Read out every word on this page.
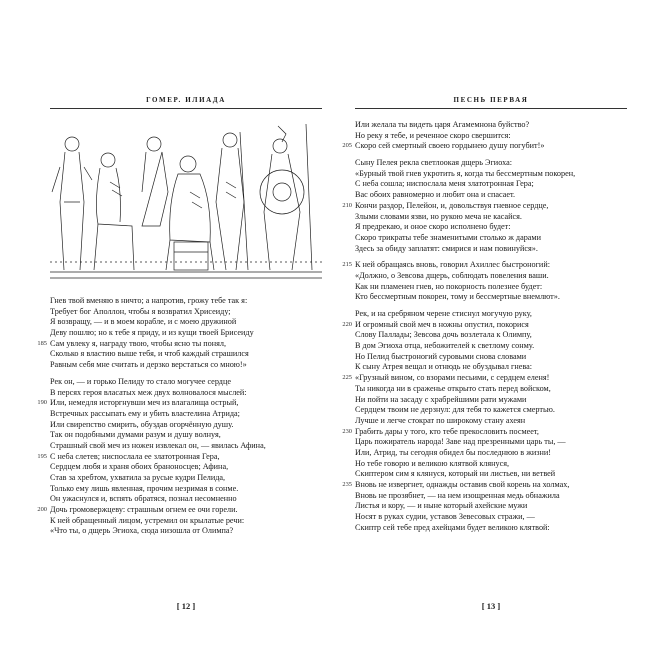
ГОМЕР. ИЛИАДА
Гнев твой вменяю в ничто; а напротив, грожу тебе так я:
Требует бог Аполлон, чтобы я возвратил Хрисеиду;
Я возвращу, — и в моем корабле, и с моею дружиной
Деву пошлю; но к тебе я приду, и из кущи твоей Брисеиду
185 Сам увлеку я, награду твою, чтобы ясно ты понял,
Сколько я властию выше тебя, и чтоб каждый страшился
Равным себя мне считать и дерзко верстаться со мною!»
Рек он, — и горько Пелиду то стало могучее сердце
В персях героя власатых меж двух волновалося мыслей:
190 Или, немедля исторгнувши меч из влагалища острый,
Встречных рассыпать ему и убить властелина Атрида;
Или свирепство смирить, обуздав огорчённую душу.
Так он подобными думами разум и душу волнуя,
Страшный свой меч из ножен извлекал он, — явилась Афина,
195 С неба слетев; ниспослала ее златотронная Гера,
Сердцем любя и храня обоих браноносцев; Афина,
Став за хребтом, ухватила за русые кудри Пелида,
Только ему лишь явленная, прочим незримая в сонме.
Он ужаснулся и, вспять обратяся, познал несомненно
200 Дочь громовержцеву: страшным огнем ее очи горели.
К ней обращенный лицом, устремил он крылатые речи:
«Что ты, о дщерь Эгиоха, сюда низошла от Олимпа?
[ 12 ]
ПЕСНЬ ПЕРВАЯ
Или желала ты видеть царя Агамемнона буйство?
Но реку я тебе, и реченное скоро свершится:
205 Скоро сей смертный своею гордынею душу погубит!»
Сыну Пелея рекла светлоокая дщерь Эгиоха:
«Бурный твой гнев укротить я, когда ты бессмертным покорен,
С неба сошла; ниспослала меня златотронная Гера;
Вас обоих равномерно и любит она и спасает.
210 Кончи раздор, Пелейон, и, довольствуя гневное сердце,
Злыми словами язви, но рукою меча не касайся.
Я предрекаю, и оное скоро исполнено будет:
Скоро трикраты тебе знаменитыми столько ж дарами
Здесь за обиду заплатят: смирися и нам повинуйся».
215 К ней обращаясь вновь, говорил Ахиллес быстроногий:
«Должно, о Зевсова дщерь, соблюдать повеления ваши.
Как ни пламенен гнев, но покорность полезнее будет:
Кто бессмертным покорен, тому и бессмертные внемлют».
Рек, и на сребряном черене стиснул могучую руку,
220 И огромный свой меч в ножны опустил, покорися
Слову Паллады; Зевсова дочь возлетала к Олимпу,
В дом Эгиоха отца, небожителей к светлому сонму.
Но Пелид быстроногий суровыми снова словами
К сыну Атрея вещал и отнюдь не обуздывал гнева:
225 «Грузный вином, со взорами песьими, с сердцем еленя!
Ты никогда ни в сраженье открыто стать перед войском,
Ни пойти на засаду с храбрейшими рати мужами
Сердцем твоим не дерзнул: для тебя то кажется смертью.
Лучше и легче стократ по широкому стану ахеян
230 Грабить дары у того, кто тебе прекословить посмеет,
Царь пожиратель народа! Заве над презренными царь ты, —
Или, Атрид, ты сегодня обидел бы последнюю в жизни!
Но тебе говорю и великою клятвой клянуся,
Скиптером сим я клянуся, который ни листьев, ни ветвей
235 Вновь не извергнет, однажды оставив свой корень на холмах,
Вновь не прозябнет, — на нем изощренная медь обнажила
Листья и кору, — и ныне который ахейские мужи
Носят в руках судии, уставов Зевесовых стражи, —
Скиптр сей тебе пред ахейцами будет великою клятвой:
[ 13 ]
